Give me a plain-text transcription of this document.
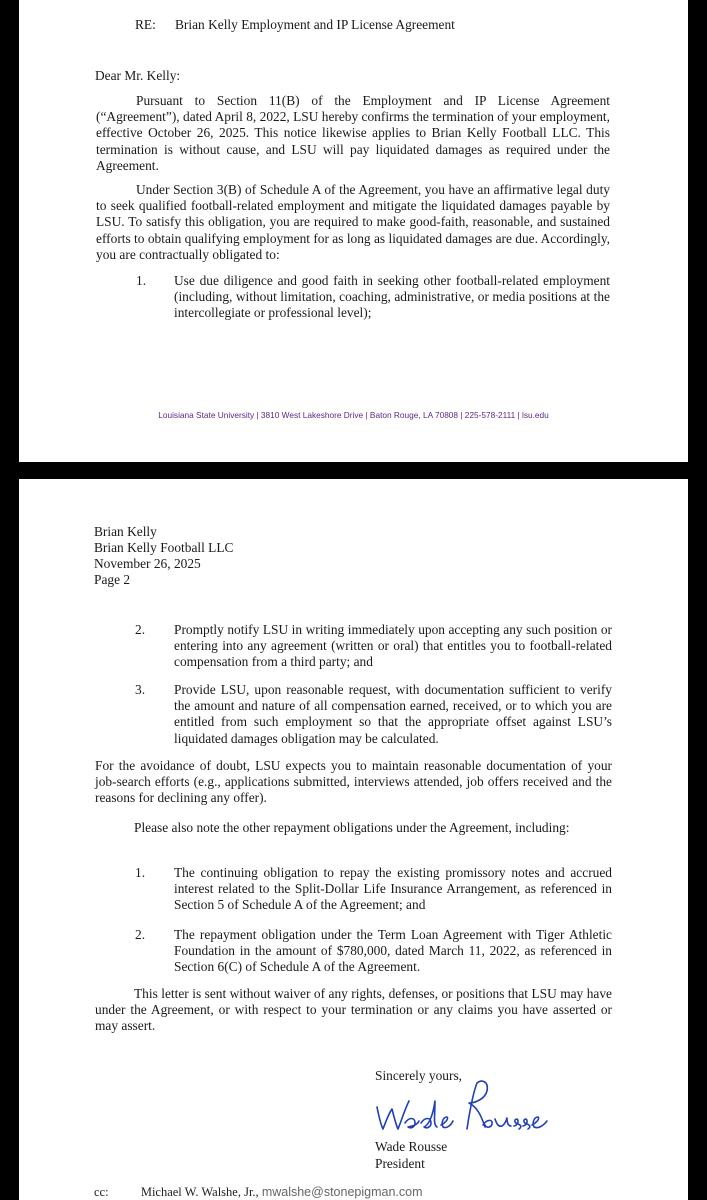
RE: Brian Kelly Employment and IP License Agreement
Dear Mr. Kelly:

Pursuant to Section 11(B) of the Employment and IP License Agreement (“Agreement”), dated April 8, 2022, LSU hereby confirms the termination of your employment, effective October 26, 2025. This notice likewise applies to Brian Kelly Football LLC. This termination is without cause, and LSU will pay liquidated damages as required under the Agreement.

Under Section 3(B) of Schedule A of the Agreement, you have an affirmative legal duty to seek qualified football-related employment and mitigate the liquidated damages payable by LSU. To satisfy this obligation, you are required to make good-faith, reasonable, and sustained efforts to obtain qualifying employment for as long as liquidated damages are due. Accordingly, you are contractually obligated to:

1. Use due diligence and good faith in seeking other football-related employment (including, without limitation, coaching, administrative, or media positions at the intercollegiate or professional level);

Louisiana State University | 3810 West Lakeshore Drive | Baton Rouge, LA 70808 | 225-578-2111 | lsu.edu
Brian Kelly
Brian Kelly Football LLC
November 26, 2025
Page 2
2. Promptly notify LSU in writing immediately upon accepting any such position or entering into any agreement (written or oral) that entitles you to football-related compensation from a third party; and

3. Provide LSU, upon reasonable request, with documentation sufficient to verify the amount and nature of all compensation earned, received, or to which you are entitled from such employment so that the appropriate offset against LSU’s liquidated damages obligation may be calculated.

For the avoidance of doubt, LSU expects you to maintain reasonable documentation of your job-search efforts (e.g., applications submitted, interviews attended, job offers received and the reasons for declining any offer).

Please also note the other repayment obligations under the Agreement, including:

1. The continuing obligation to repay the existing promissory notes and accrued interest related to the Split-Dollar Life Insurance Arrangement, as referenced in Section 5 of Schedule A of the Agreement; and

2. The repayment obligation under the Term Loan Agreement with Tiger Athletic Foundation in the amount of $780,000, dated March 11, 2022, as referenced in Section 6(C) of Schedule A of the Agreement.

This letter is sent without waiver of any rights, defenses, or positions that LSU may have under the Agreement, or with respect to your termination or any claims you have asserted or may assert.

Sincerely yours,
Wade Rousse
President
cc:	Michael W. Walshe, Jr., mwalshe@stonepigman.com
